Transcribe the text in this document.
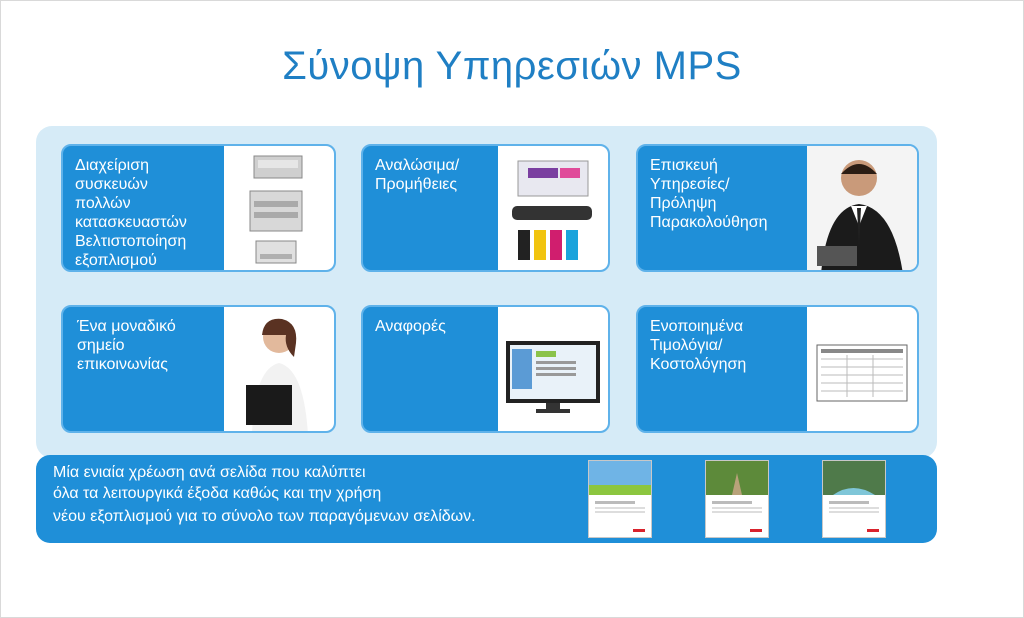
Σύνοψη Υπηρεσιών MPS
Διαχείριση
συσκευών
πολλών
κατασκευαστών
Βελτιστοποίηση
εξοπλισμού
Αναλώσιμα/
Προμήθειες
Επισκευή
Υπηρεσίες/
Πρόληψη
Παρακολούθηση
Ένα μοναδικό
σημείο
επικοινωνίας
Αναφορές	Ενοποιημένα
Τιμολόγια/
Κοστολόγηση
Μία ενιαία χρέωση ανά σελίδα που καλύπτει
όλα τα λειτουργικά έξοδα καθώς και την χρήση
νέου εξοπλισμού για το σύνολο των παραγόμενων σελίδων.
